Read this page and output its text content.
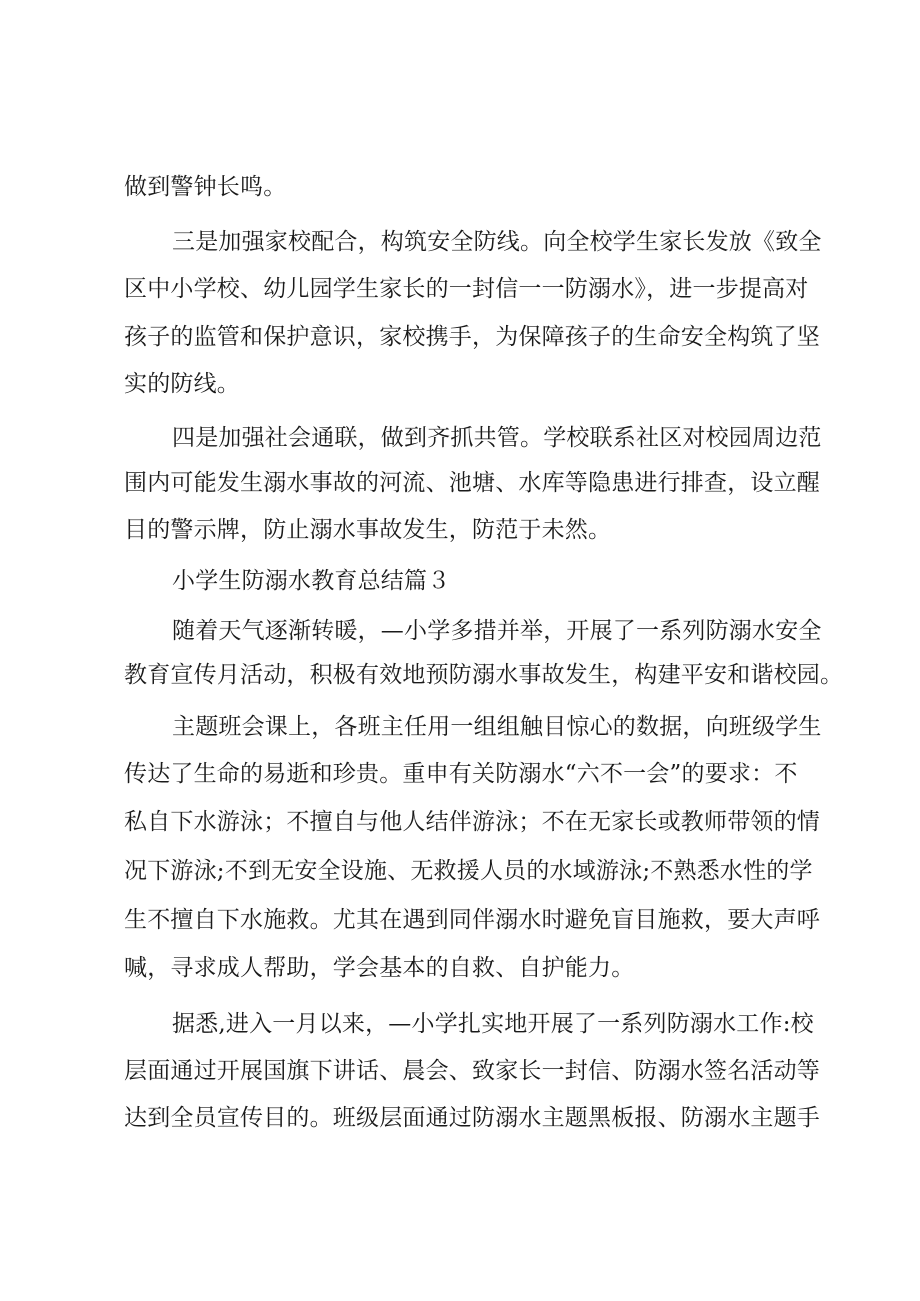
做到警钟长鸣。

三是加强家校配合，构筑安全防线。向全校学生家长发放《致全

区中小学校、幼儿园学生家长的一封信一一防溺水》，进一步提高对

孩子的监管和保护意识，家校携手，为保障孩子的生命安全构筑了坚

实的防线。

四是加强社会通联，做到齐抓共管。学校联系社区对校园周边范

围内可能发生溺水事故的河流、池塘、水库等隐患进行排查，设立醒

目的警示牌，防止溺水事故发生，防范于未然。

小学生防溺水教育总结篇３

随着天气逐渐转暖，—小学多措并举，开展了一系列防溺水安全

教育宣传月活动，积极有效地预防溺水事故发生，构建平安和谐校园。

主题班会课上，各班主任用一组组触目惊心的数据，向班级学生

传达了生命的易逝和珍贵。重申有关防溺水“六不一会”的要求：不

私自下水游泳；不擅自与他人结伴游泳；不在无家长或教师带领的情

况下游泳;不到无安全设施、无救援人员的水域游泳;不熟悉水性的学

生不擅自下水施救。尤其在遇到同伴溺水时避免盲目施救，要大声呼

喊，寻求成人帮助，学会基本的自救、自护能力。

据悉,进入一月以来，—小学扎实地开展了一系列防溺水工作:校

层面通过开展国旗下讲话、晨会、致家长一封信、防溺水签名活动等

达到全员宣传目的。班级层面通过防溺水主题黑板报、防溺水主题手
